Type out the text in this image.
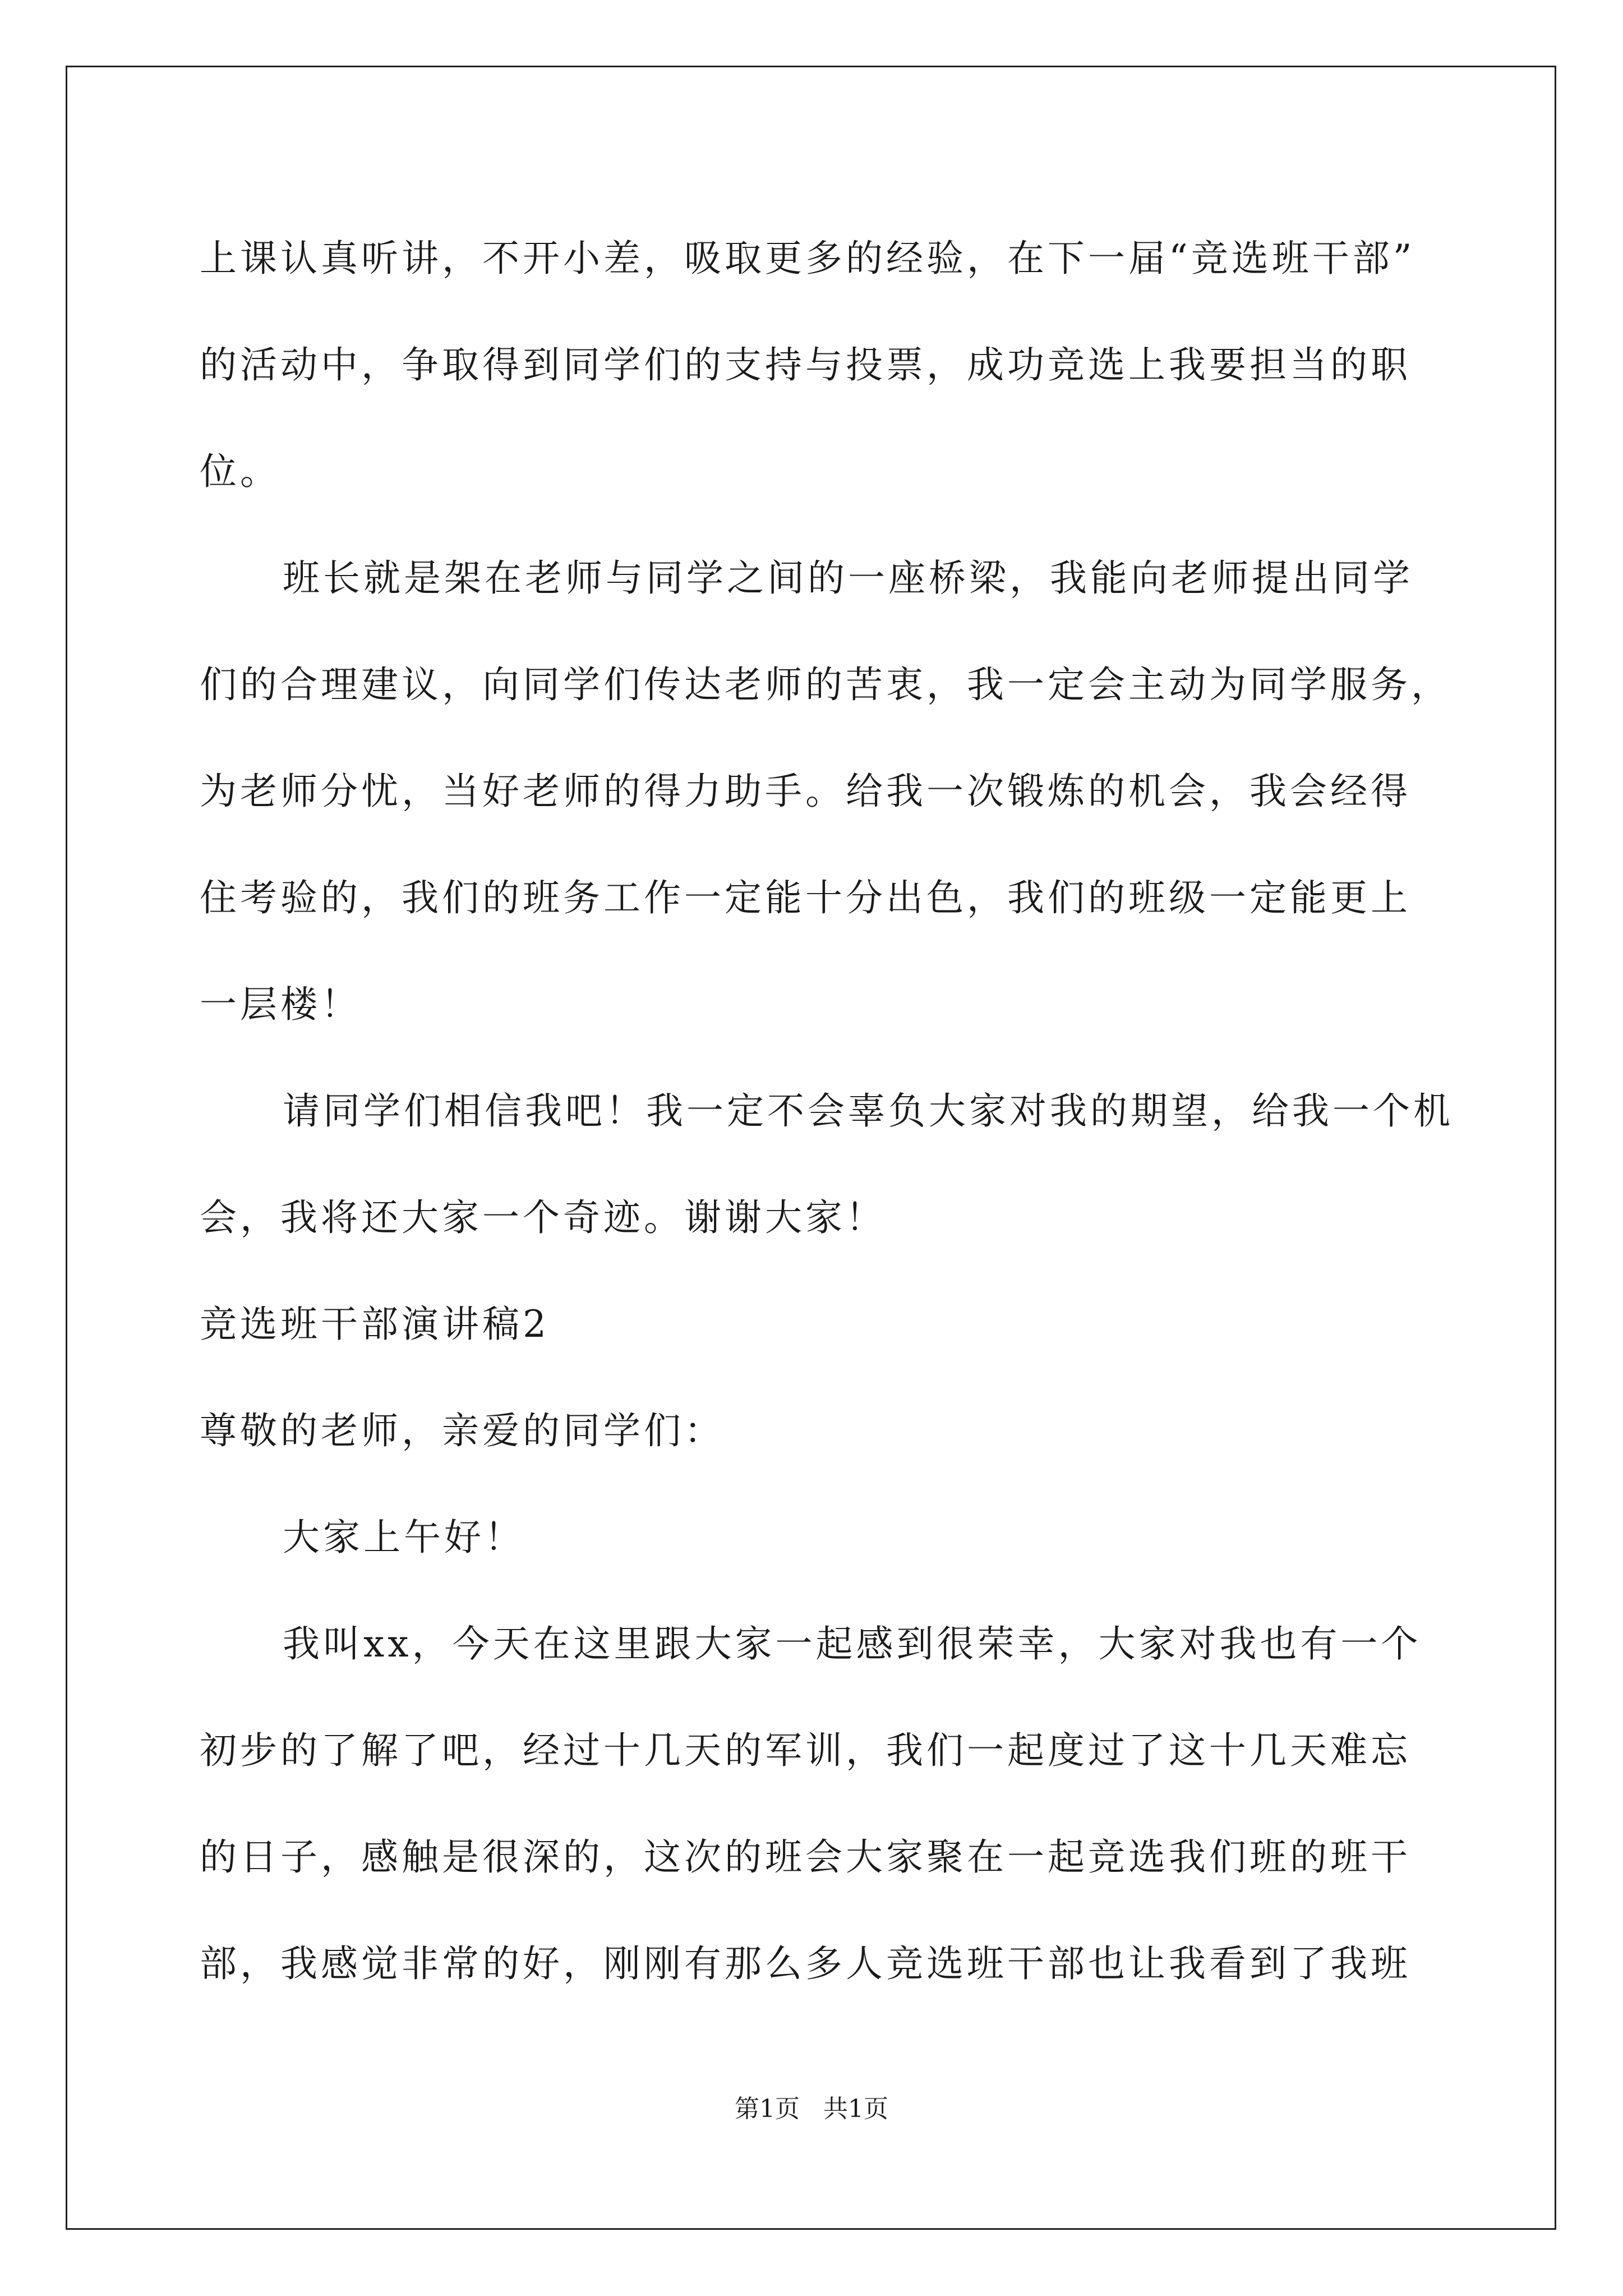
上课认真听讲，不开小差，吸取更多的经验，在下一届“竞选班干部”
的活动中，争取得到同学们的支持与投票，成功竞选上我要担当的职
位。
班长就是架在老师与同学之间的一座桥梁，我能向老师提出同学
们的合理建议，向同学们传达老师的苦衷，我一定会主动为同学服务，
为老师分忧，当好老师的得力助手。给我一次锻炼的机会，我会经得
住考验的，我们的班务工作一定能十分出色，我们的班级一定能更上
一层楼！
请同学们相信我吧！我一定不会辜负大家对我的期望，给我一个机
会，我将还大家一个奇迹。谢谢大家！
竞选班干部演讲稿2
尊敬的老师，亲爱的同学们：
大家上午好！
我叫xx，今天在这里跟大家一起感到很荣幸，大家对我也有一个
初步的了解了吧，经过十几天的军训，我们一起度过了这十几天难忘
的日子，感触是很深的，这次的班会大家聚在一起竞选我们班的班干
部，我感觉非常的好，刚刚有那么多人竞选班干部也让我看到了我班
第1页   共1页
